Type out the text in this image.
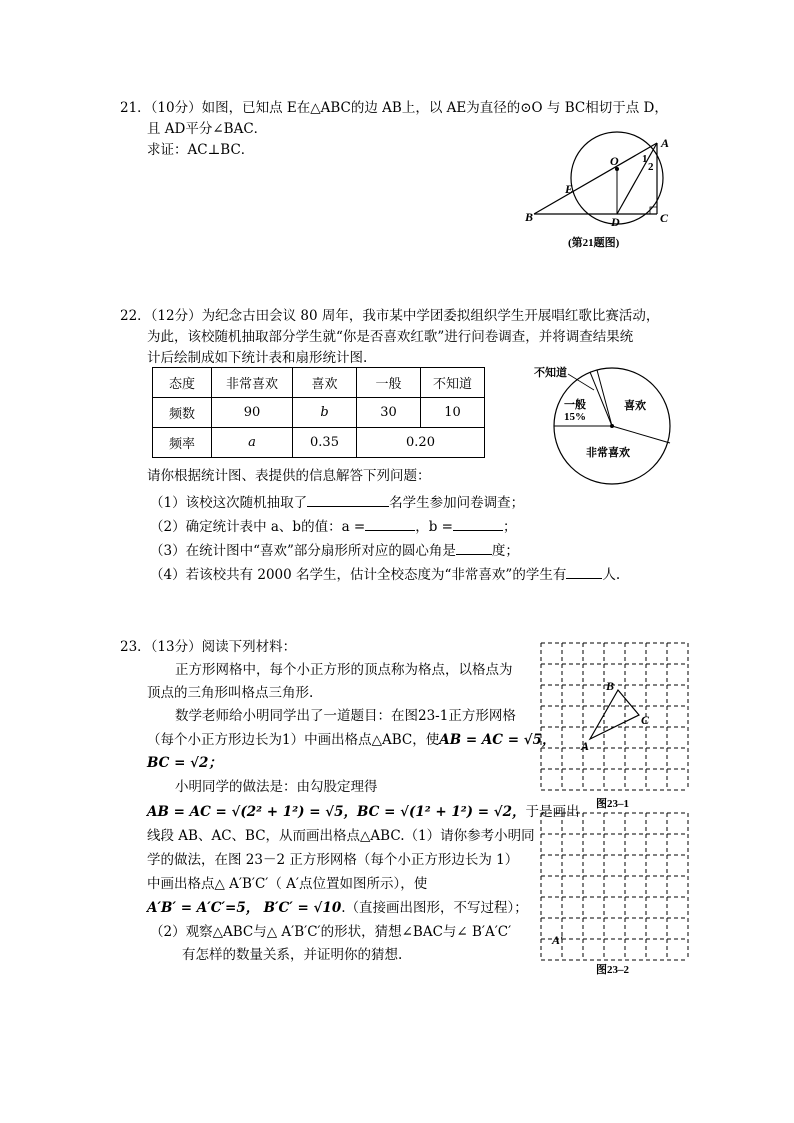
21．（10分）如图，已知点 E在△ABC的边 AB上，以 AE为直径的⊙O 与 BC相切于点 D，
且 AD平分∠BAC．
求证：AC⊥BC．	A
B	C
D
E
O 1
2
(第21题图)
22．（12分）为纪念古田会议 80 周年，我市某中学团委拟组织学生开展唱红歌比赛活动，
为此，该校随机抽取部分学生就“你是否喜欢红歌”进行问卷调查，并将调查结果统
计后绘制成如下统计表和扇形统计图.
态度	非常喜欢	喜欢	一般	不知道
频数	90	b	30	10
频率	a	0.35	0.20	
不知道
一般
15%
喜欢
非常喜欢
请你根据统计图、表提供的信息解答下列问题：
（1）该校这次随机抽取了	名学生参加问卷调查；
（2）确定统计表中 a、b的值：a =	，b =	；
（3）在统计图中“喜欢”部分扇形所对应的圆心角是	度；
（4）若该校共有 2000 名学生，估计全校态度为“非常喜欢”的学生有	人.
23．（13分）阅读下列材料：
正方形网格中，每个小正方形的顶点称为格点，以格点为
顶点的三角形叫格点三角形.
数学老师给小明同学出了一道题目：在图23-1正方形网格
（每个小正方形边长为1）中画出格点△ABC，使AB = AC = √5，
BC = √2；
小明同学的做法是：由勾股定理得
AB = AC = √(2² + 1²) = √5，BC = √(1² + 1²) = √2，于是画出
线段 AB、AC、BC，从而画出格点△ABC.（1）请你参考小明同
学的做法，在图 23－2 正方形网格（每个小正方形边长为 1）
中画出格点△ A′B′C′（ A′点位置如图所示），使
A′B′ = A′C′=5， B′C′ = √10.（直接画出图形，不写过程）；
（2）观察△ABC与△ A′B′C′的形状，猜想∠BAC与∠ B′A′C′
有怎样的数量关系，并证明你的猜想.
A
B
C
图23–1
A′
图23–2
